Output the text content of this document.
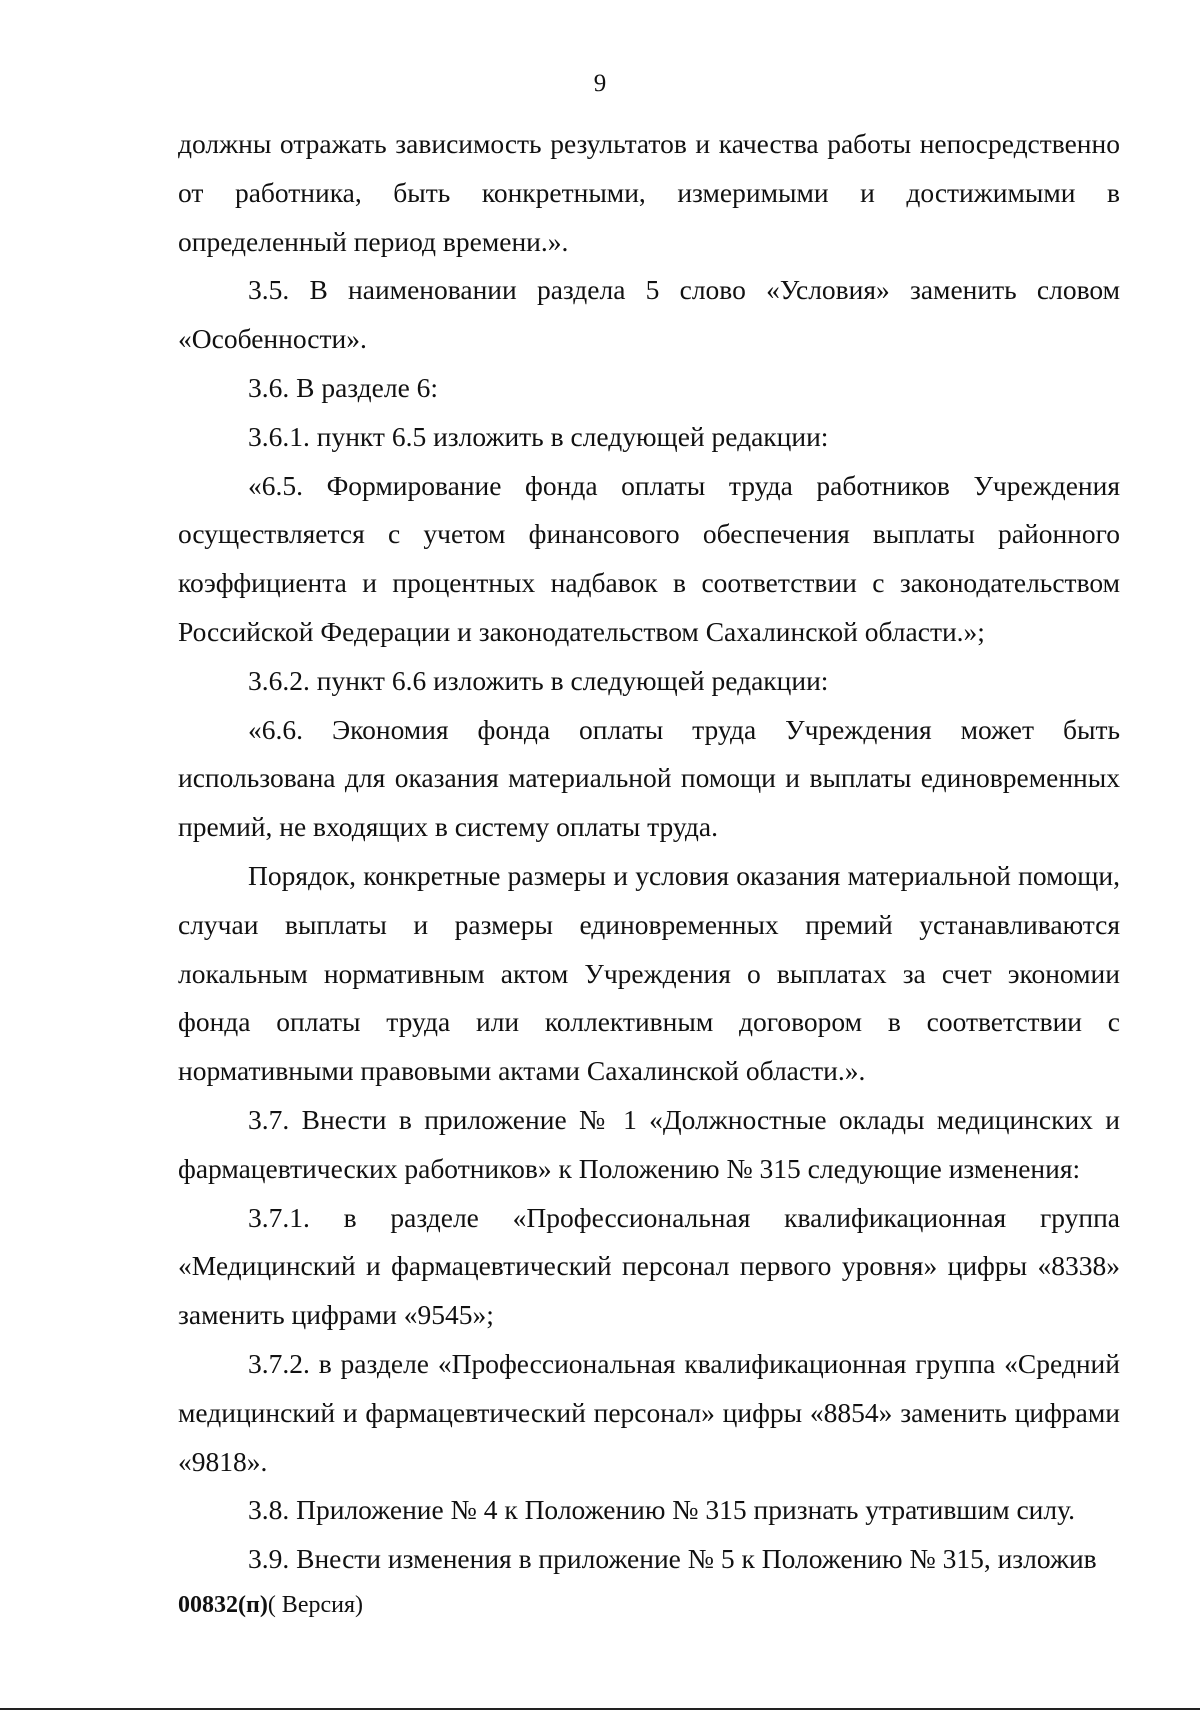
9

должны отражать зависимость результатов и качества работы непосредственно от работника, быть конкретными, измеримыми и достижимыми в определенный период времени.».

3.5. В наименовании раздела 5 слово «Условия» заменить словом «Особенности».

3.6. В разделе 6:

3.6.1. пункт 6.5 изложить в следующей редакции:

«6.5. Формирование фонда оплаты труда работников Учреждения осуществляется с учетом финансового обеспечения выплаты районного коэффициента и процентных надбавок в соответствии с законодательством Российской Федерации и законодательством Сахалинской области.»;

3.6.2. пункт 6.6 изложить в следующей редакции:

«6.6. Экономия фонда оплаты труда Учреждения может быть использована для оказания материальной помощи и выплаты единовременных премий, не входящих в систему оплаты труда.

Порядок, конкретные размеры и условия оказания материальной помощи, случаи выплаты и размеры единовременных премий устанавливаются локальным нормативным актом Учреждения о выплатах за счет экономии фонда оплаты труда или коллективным договором в соответствии с нормативными правовыми актами Сахалинской области.».

3.7. Внести в приложение № 1 «Должностные оклады медицинских и фармацевтических работников» к Положению № 315 следующие изменения:

3.7.1. в разделе «Профессиональная квалификационная группа «Медицинский и фармацевтический персонал первого уровня» цифры «8338» заменить цифрами «9545»;

3.7.2. в разделе «Профессиональная квалификационная группа «Средний медицинский и фармацевтический персонал» цифры «8854» заменить цифрами «9818».

3.8. Приложение № 4 к Положению № 315 признать утратившим силу.

3.9. Внести изменения в приложение № 5 к Положению № 315, изложив

00832(п)( Версия)
